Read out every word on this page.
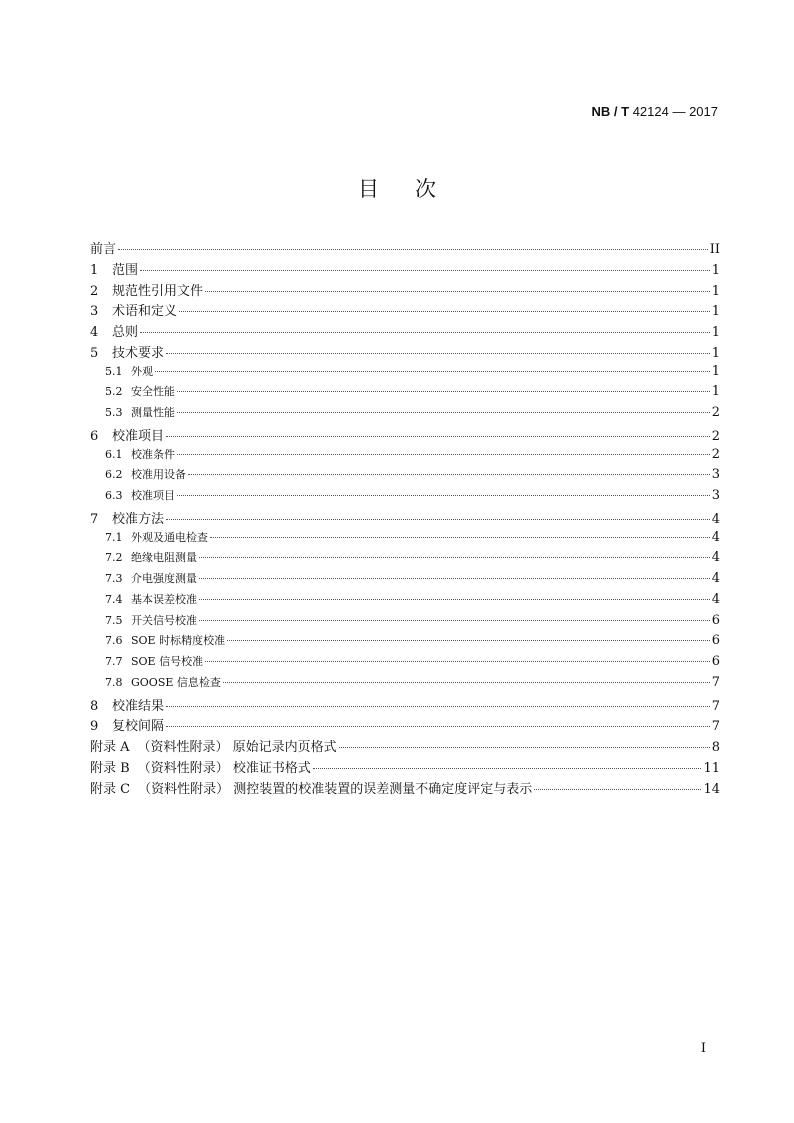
NB / T 42124 — 2017
目次
前言	II
1	范围	1
2	规范性引用文件	1
3	术语和定义	1
4	总则	1
5	技术要求	1
5.1 外观	1
5.2 安全性能	1
5.3 测量性能	2
6	校准项目	2
6.1 校准条件	2
6.2 校准用设备	3
6.3 校准项目	3
7	校准方法	4
7.1 外观及通电检查	4
7.2 绝缘电阻测量	4
7.3 介电强度测量	4
7.4 基本误差校准	4
7.5 开关信号校准	6
7.6 SOE 时标精度校准	6
7.7 SOE 信号校准	6
7.8 GOOSE 信息检查	7
8	校准结果	7
9	复校间隔	7
附录 A （资料性附录） 原始记录内页格式	8
附录 B （资料性附录） 校准证书格式	11
附录 C （资料性附录） 测控装置的校准装置的误差测量不确定度评定与表示	14
I
